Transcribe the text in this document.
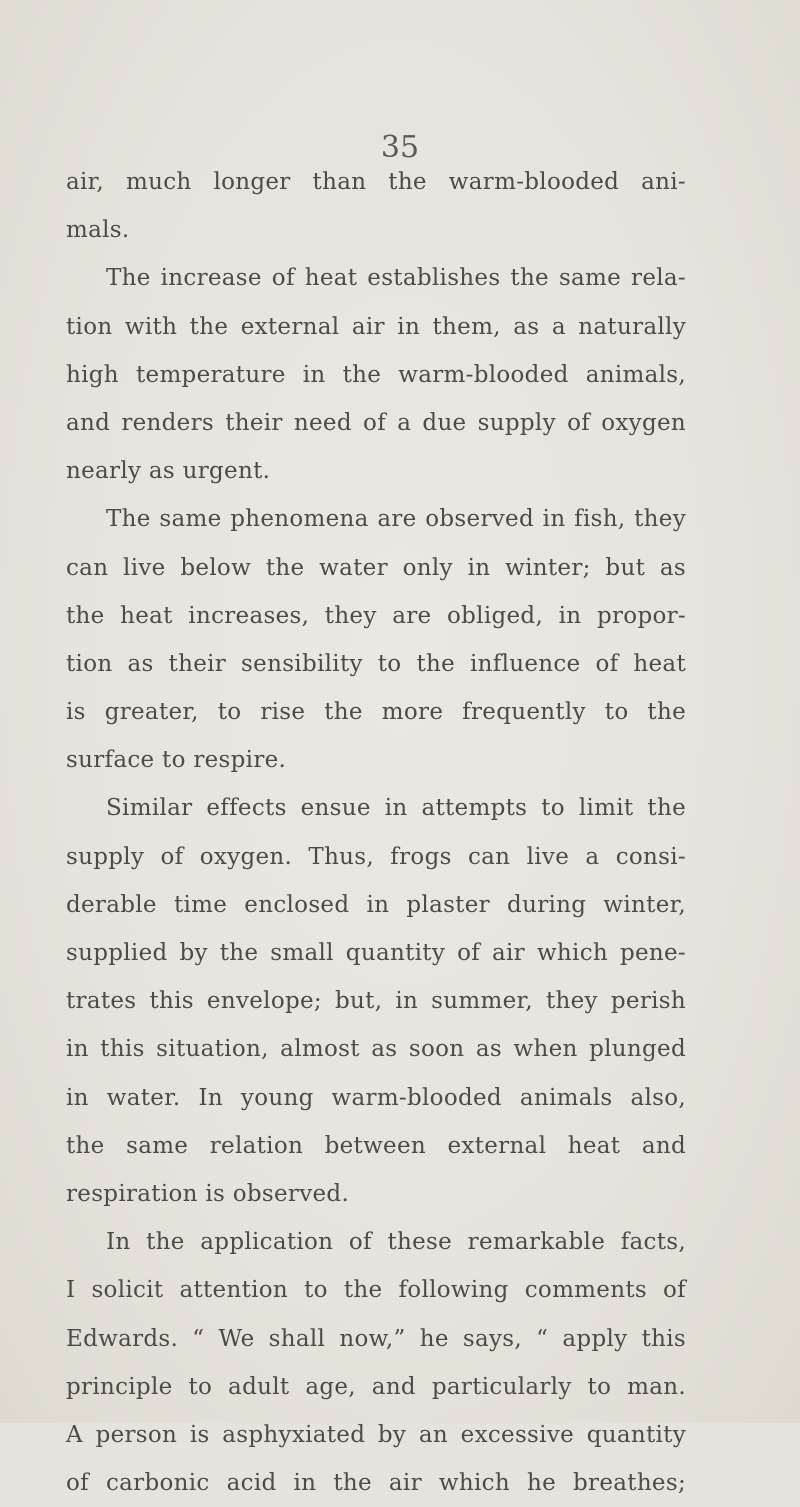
35
air, much longer than the warm-blooded ani-
mals.
The increase of heat establishes the same rela-
tion with the external air in them, as a naturally
high temperature in the warm-blooded animals,
and renders their need of a due supply of oxygen
nearly as urgent.
The same phenomena are observed in fish, they
can live below the water only in winter; but as
the heat increases, they are obliged, in propor-
tion as their sensibility to the influence of heat
is greater, to rise the more frequently to the
surface to respire.
Similar effects ensue in attempts to limit the
supply of oxygen. Thus, frogs can live a consi-
derable time enclosed in plaster during winter,
supplied by the small quantity of air which pene-
trates this envelope; but, in summer, they perish
in this situation, almost as soon as when plunged
in water. In young warm-blooded animals also,
the same relation between external heat and
respiration is observed.
In the application of these remarkable facts,
I solicit attention to the following comments of
Edwards. “ We shall now,” he says, “ apply this
principle to adult age, and particularly to man.
A person is asphyxiated by an excessive quantity
of carbonic acid in the air which he breathes;
